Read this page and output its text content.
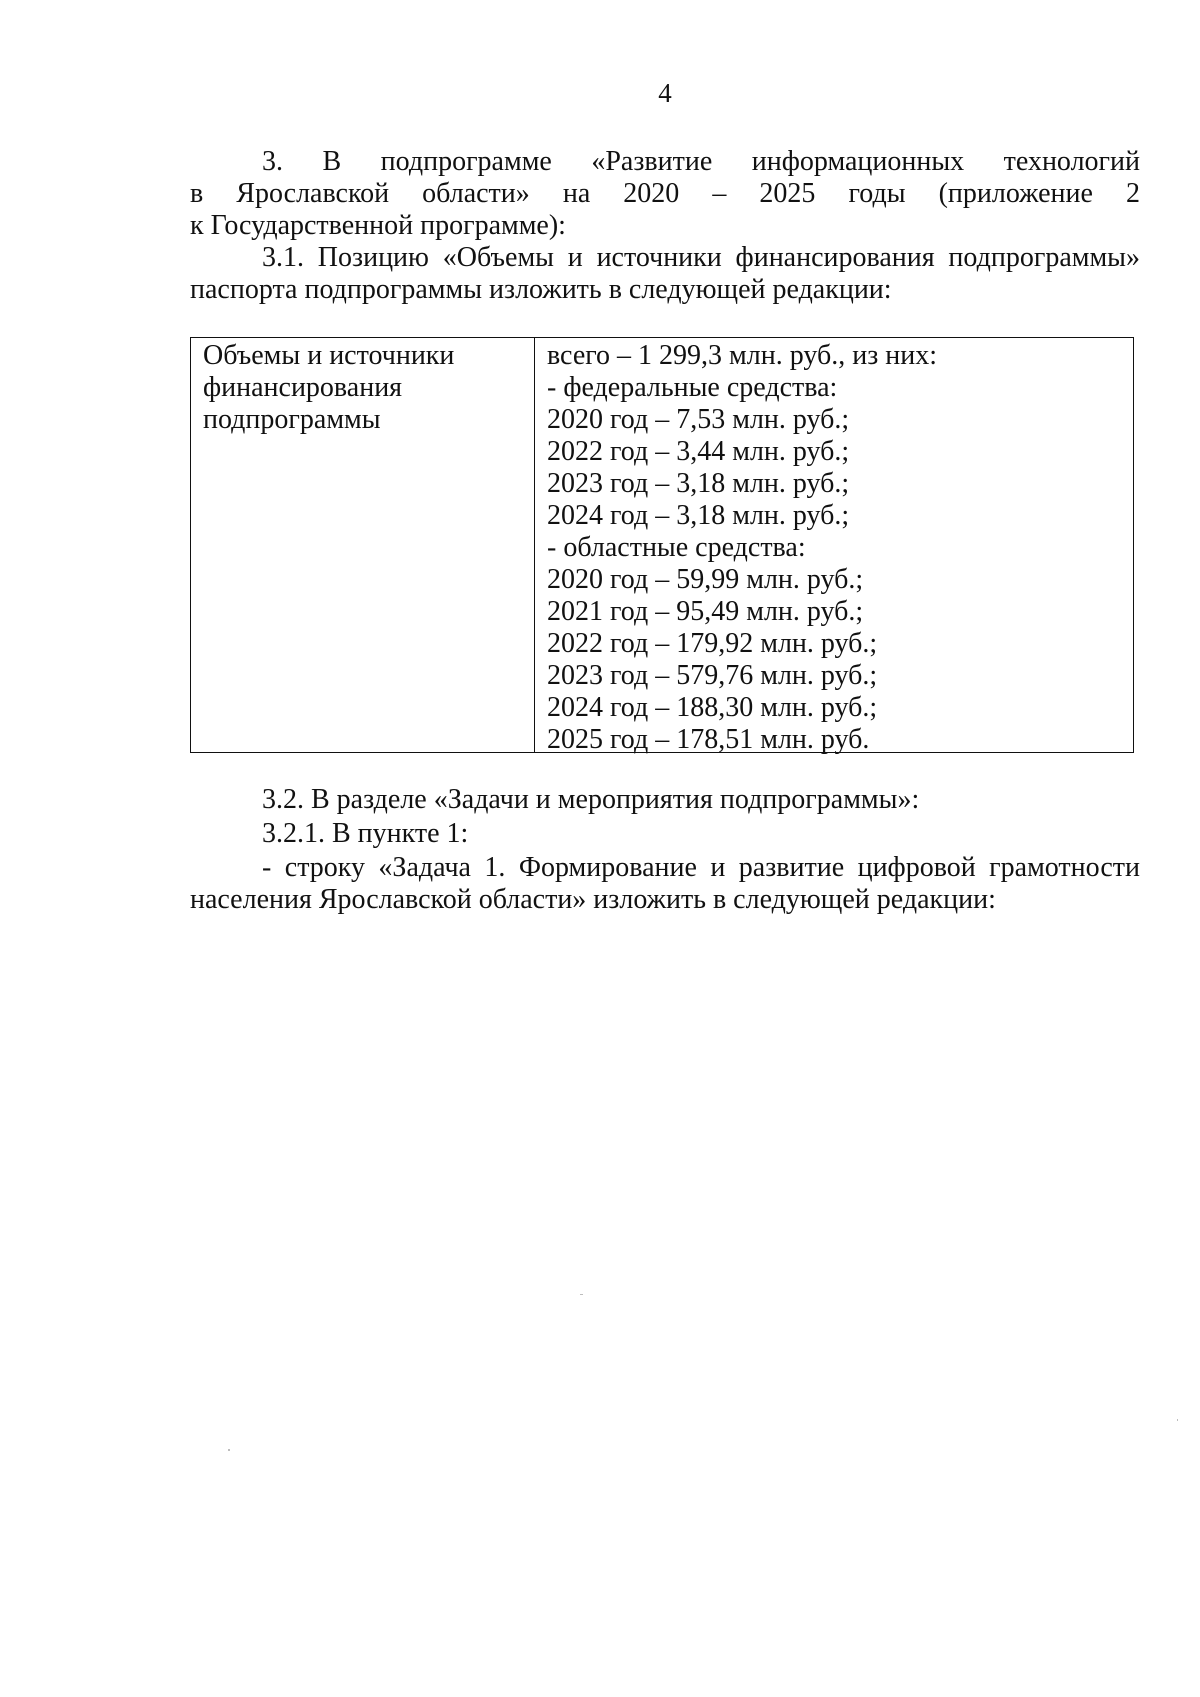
4
3. В подпрограмме «Развитие информационных технологий
в Ярославской области» на 2020 – 2025 годы (приложение 2
к Государственной программе):
3.1. Позицию «Объемы и источники финансирования подпрограммы» паспорта подпрограммы изложить в следующей редакции:
Объемы и источники
финансирования
подпрограммы
всего – 1 299,3 млн. руб., из них:
- федеральные средства:
2020 год – 7,53 млн. руб.;
2022 год – 3,44 млн. руб.;
2023 год – 3,18 млн. руб.;
2024 год – 3,18 млн. руб.;
- областные средства:
2020 год – 59,99 млн. руб.;
2021 год – 95,49 млн. руб.;
2022 год – 179,92 млн. руб.;
2023 год – 579,76 млн. руб.;
2024 год – 188,30 млн. руб.;
2025 год – 178,51 млн. руб.
3.2. В разделе «Задачи и мероприятия подпрограммы»:
3.2.1. В пункте 1:
- строку «Задача 1. Формирование и развитие цифровой грамотности населения Ярославской области» изложить в следующей редакции:
